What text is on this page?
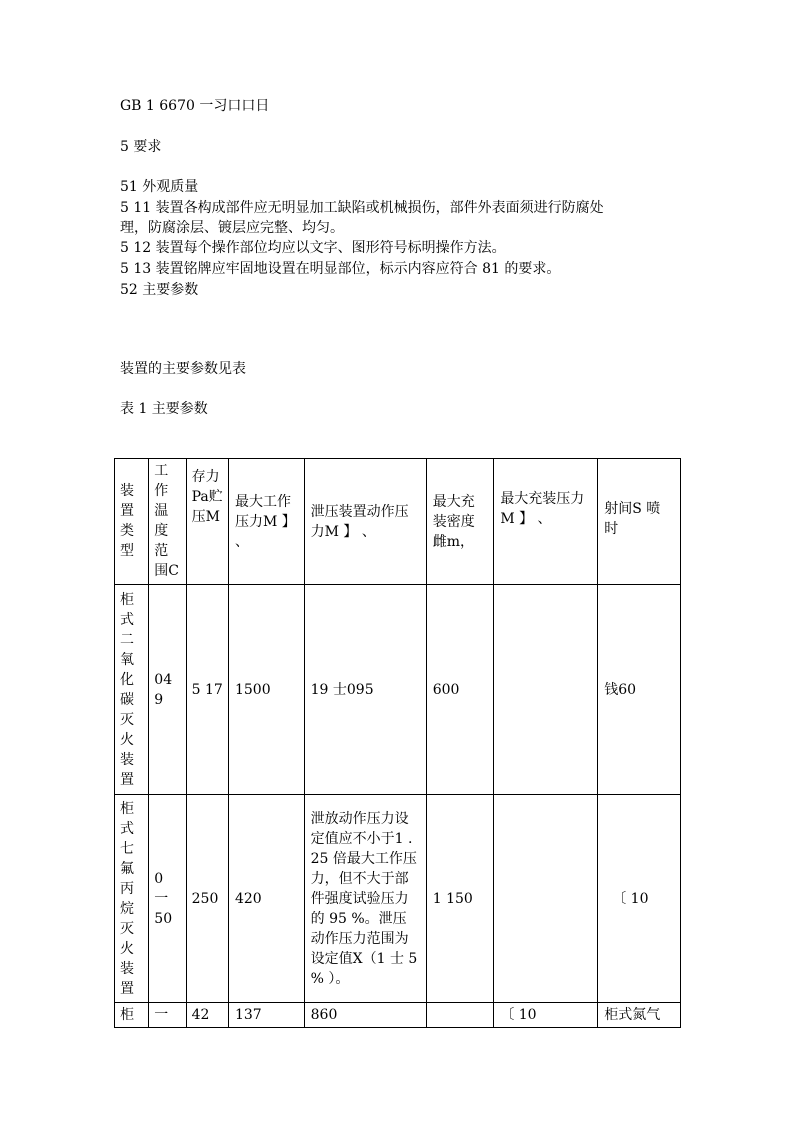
GB 1 6670 一习口口日
5 要求
51 外观质量
5 11 装置各构成部件应无明显加工缺陷或机械损伤，部件外表面须进行防腐处
理，防腐涂层、镀层应完整、均匀。
5 12 装置每个操作部位均应以文字、图形符号标明操作方法。
5 13 装置铭牌应牢固地设置在明显部位，标示内容应符合 81 的要求。
52 主要参数
装置的主要参数见表
表 1 主要参数
装置类型	工作温度范围C	存力Pa贮压M	最大工作压力M 】 、	泄压装置动作压力M 】 、	最大充装密度雌m，	最大充装压力M 】 、	射间S 喷时
柜式二氧化碳灭火装置	049	5 17	1500	19 士095	600		钱60
柜式七氟丙烷灭火装置	0 一 50	250	420	泄放动作压力设定值应不小于1 . 25 倍最大工作压力，但不大于部件强度试验压力的 95 %。泄压动作压力范围为设定值X（1 士 5 % ）。	1 150		〔 10
柜	一	42	137	860		〔 10	柜式氮气
